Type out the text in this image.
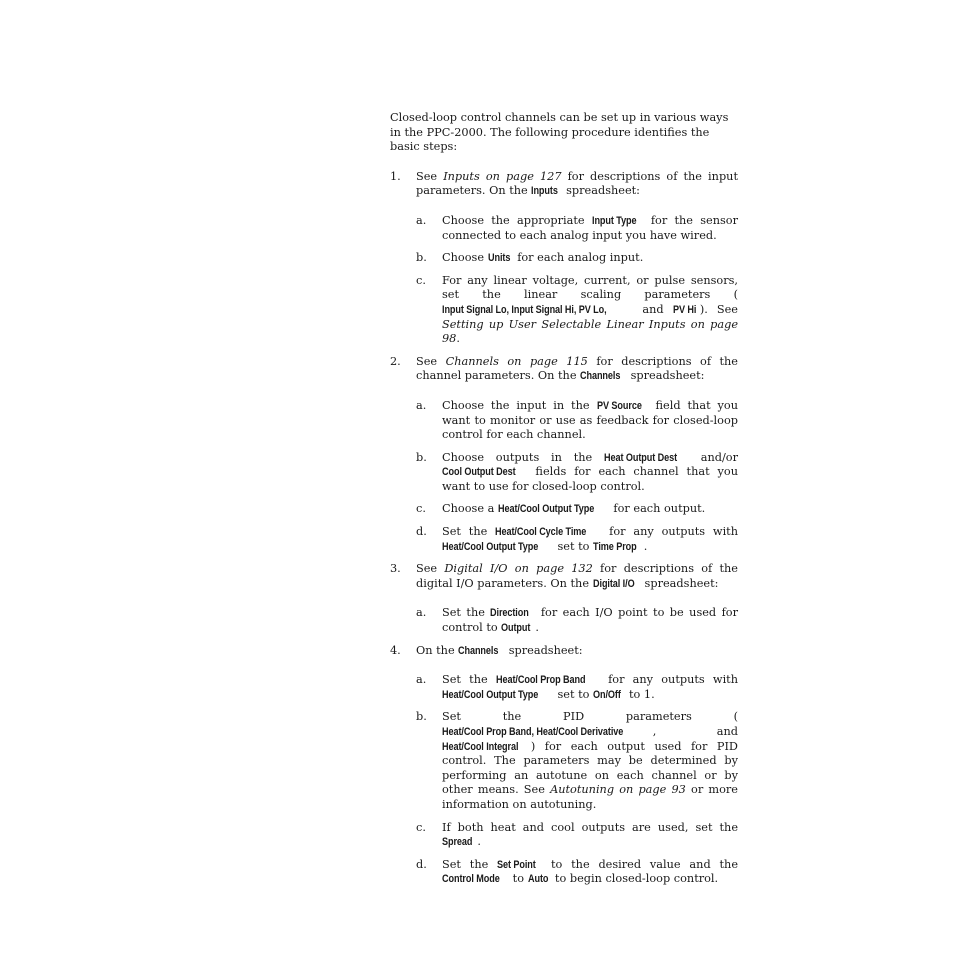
Closed-loop control channels can be set up in various ways in the PPC-2000. The following procedure identifies the basic steps:

1.	See Inputs on page 127 for descriptions of the input parameters. On the Inputs spreadsheet:

a.	Choose the appropriate Input Type for the sensor connected to each analog input you have wired.

b.	Choose Units for each analog input.

c.	For any linear voltage, current, or pulse sensors, set the linear scaling parameters (Input Signal Lo, Input Signal Hi, PV Lo, and PV Hi ). See Setting up User Selectable Linear Inputs on page 98.

2.	See Channels on page 115 for descriptions of the channel parameters. On the Channels spreadsheet:

a.	Choose the input in the PV Source field that you want to monitor or use as feedback for closed-loop control for each channel.

b.	Choose outputs in the Heat Output Dest and/or Cool Output Dest fields for each channel that you want to use for closed-loop control.

c.	Choose a Heat/Cool Output Type for each output.

d.	Set the Heat/Cool Cycle Time for any outputs with Heat/Cool Output Type set to Time Prop .

3.	See Digital I/O on page 132 for descriptions of the digital I/O parameters. On the Digital I/O spreadsheet:

a.	Set the Direction for each I/O point to be used for control to Output .

4.	On the Channels spreadsheet:

a.	Set the Heat/Cool Prop Band for any outputs with Heat/Cool Output Type set to On/Off to 1.

b.	Set the PID parameters (Heat/Cool Prop Band, Heat/Cool Derivative	, and Heat/Cool Integral ) for each output used for PID control. The parameters may be determined by performing an autotune on each channel or by other means. See Autotuning on page 93 or more information on autotuning.

c.	If both heat and cool outputs are used, set the Spread .

d.	Set the Set Point to the desired value and the Control Mode to Auto to begin closed-loop control.
